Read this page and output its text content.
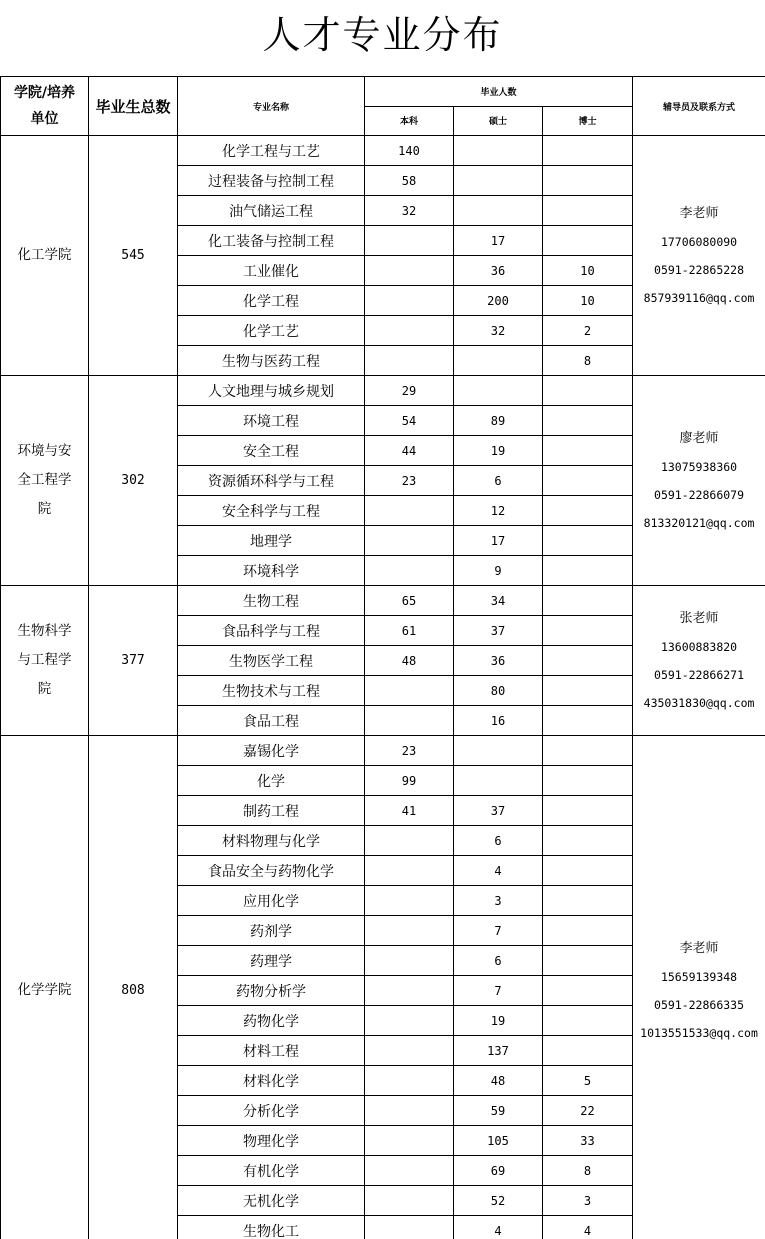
人才专业分布
学院/培养单位	毕业生总数	专业名称	毕业人数			辅导员及联系方式
			本科	硕士	博士	
化工学院	545	化学工程与工艺	140			李老师
17706080090
0591-22865228
857939116@qq.com

		过程装备与控制工程	58			
		油气储运工程	32			
		化工装备与控制工程		17		
		工业催化		36	10	
		化学工程		200	10	
		化学工艺		32	2	
		生物与医药工程			8	
环境与安全工程学院	302	人文地理与城乡规划	29			廖老师
13075938360
0591-22866079
813320121@qq.com

		环境工程	54	89		
		安全工程	44	19		
		资源循环科学与工程	23	6		
		安全科学与工程		12		
		地理学		17		
		环境科学		9		
生物科学与工程学院	377	生物工程	65	34		张老师
13600883820
0591-22866271
435031830@qq.com

		食品科学与工程	61	37		
		生物医学工程	48	36		
		生物技术与工程		80		
		食品工程		16		
化学学院	808	嘉锡化学	23			李老师
15659139348
0591-22866335
1013551533@qq.com

		化学	99			
		制药工程	41	37		
		材料物理与化学		6		
		食品安全与药物化学		4		
		应用化学		3		
		药剂学		7		
		药理学		6		
		药物分析学		7		
		药物化学		19		
		材料工程		137		
		材料化学		48	5	
		分析化学		59	22	
		物理化学		105	33	
		有机化学		69	8	
		无机化学		52	3	
		生物化工		4	4	
